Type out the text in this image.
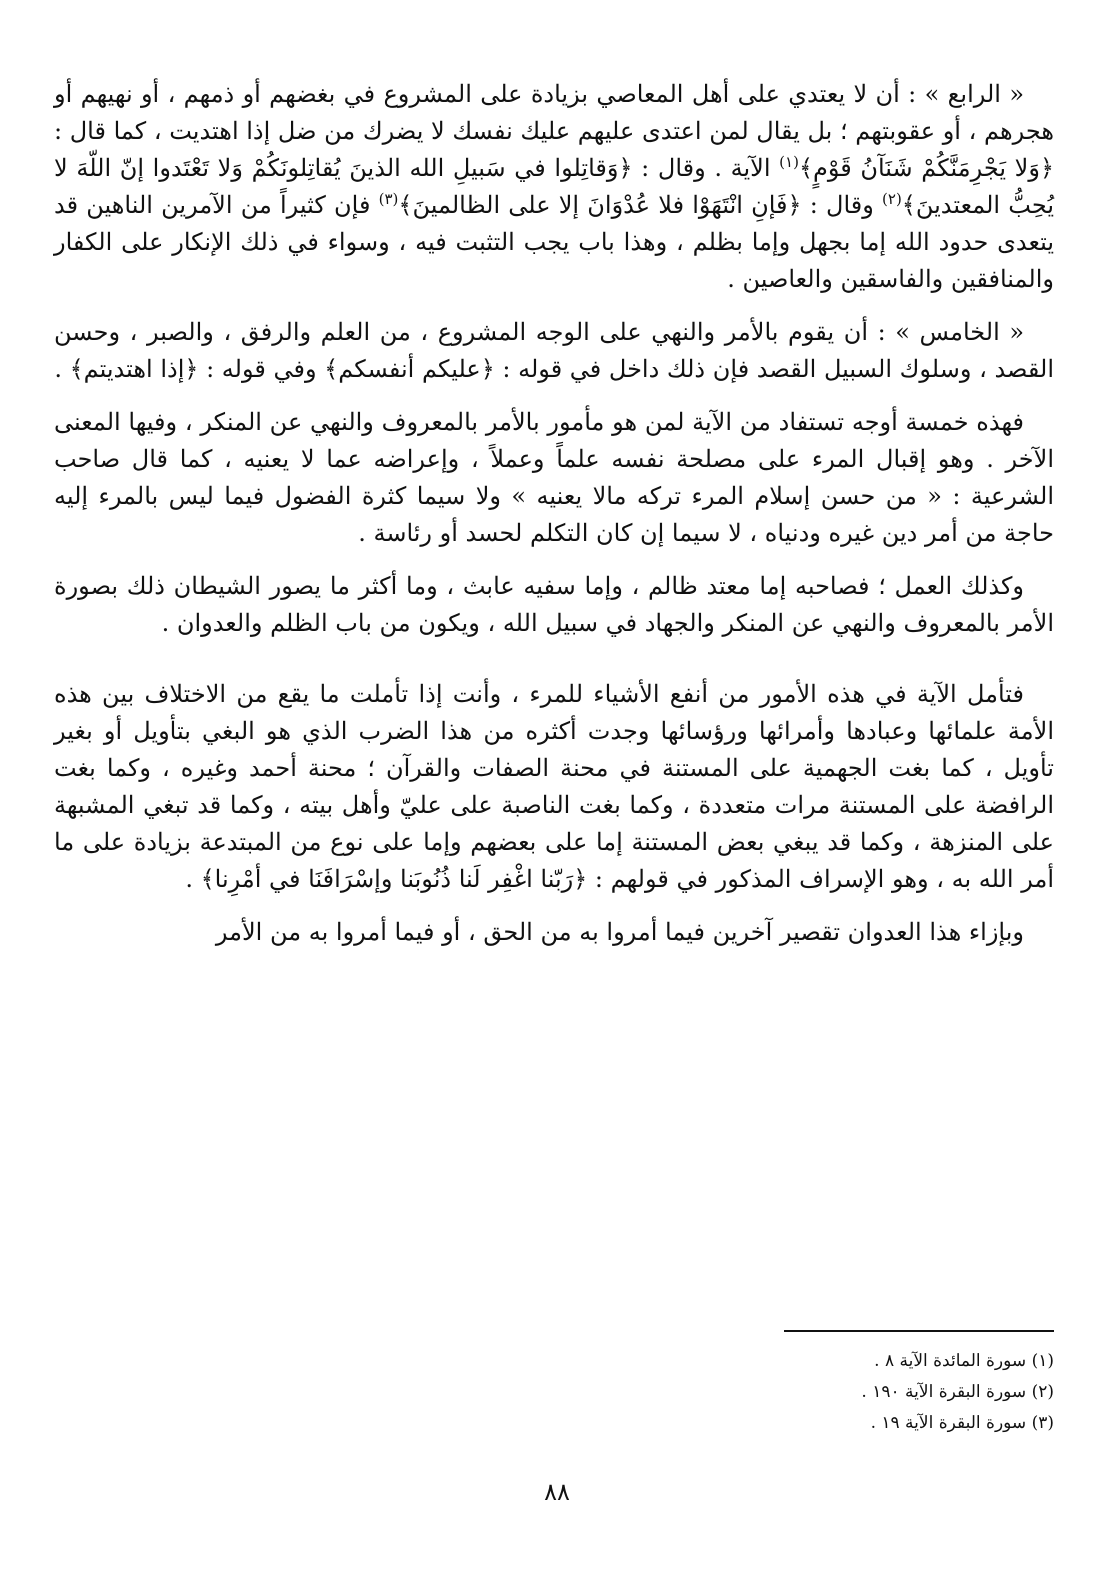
« الرابع » : أن لا يعتدي على أهل المعاصي بزيادة على المشروع في بغضهم أو ذمهم ، أو نهيهم أو هجرهم ، أو عقوبتهم ؛ بل يقال لمن اعتدى عليهم عليك نفسك لا يضرك من ضل إذا اهتديت ، كما قال : ﴿وَلا يَجْرِمَنَّكُمْ شَنَآنُ قَوْمٍ﴾$^{(١)}$ الآية . وقال : ﴿وَقاتِلوا في سَبيلِ الله الذينَ يُقاتِلونَكُمْ وَلا تَعْتَدوا إنّ اللّهَ لا يُحِبُّ المعتدينَ﴾$^{(٢)}$ وقال : ﴿فَإنِ انْتَهَوْا فلا عُدْوَانَ إلا على الظالمينَ﴾$^{(٣)}$ فإن كثيراً من الآمرين الناهين قد يتعدى حدود الله إما بجهل وإما بظلم ، وهذا باب يجب التثبت فيه ، وسواء في ذلك الإنكار على الكفار والمنافقين والفاسقين والعاصين .

« الخامس » : أن يقوم بالأمر والنهي على الوجه المشروع ، من العلم والرفق ، والصبر ، وحسن القصد ، وسلوك السبيل القصد فإن ذلك داخل في قوله : ﴿عليكم أنفسكم﴾ وفي قوله : ﴿إذا اهتديتم﴾ .

فهذه خمسة أوجه تستفاد من الآية لمن هو مأمور بالأمر بالمعروف والنهي عن المنكر ، وفيها المعنى الآخر . وهو إقبال المرء على مصلحة نفسه علماً وعملاً ، وإعراضه عما لا يعنيه ، كما قال صاحب الشرعية : « من حسن إسلام المرء تركه مالا يعنيه » ولا سيما كثرة الفضول فيما ليس بالمرء إليه حاجة من أمر دين غيره ودنياه ، لا سيما إن كان التكلم لحسد أو رئاسة .

وكذلك العمل ؛ فصاحبه إما معتد ظالم ، وإما سفيه عابث ، وما أكثر ما يصور الشيطان ذلك بصورة الأمر بالمعروف والنهي عن المنكر والجهاد في سبيل الله ، ويكون من باب الظلم والعدوان .

فتأمل الآية في هذه الأمور من أنفع الأشياء للمرء ، وأنت إذا تأملت ما يقع من الاختلاف بين هذه الأمة علمائها وعبادها وأمرائها ورؤسائها وجدت أكثره من هذا الضرب الذي هو البغي بتأويل أو بغير تأويل ، كما بغت الجهمية على المستنة في محنة الصفات والقرآن ؛ محنة أحمد وغيره ، وكما بغت الرافضة على المستنة مرات متعددة ، وكما بغت الناصبة على عليّ وأهل بيته ، وكما قد تبغي المشبهة على المنزهة ، وكما قد يبغي بعض المستنة إما على بعضهم وإما على نوع من المبتدعة بزيادة على ما أمر الله به ، وهو الإسراف المذكور في قولهم : ﴿رَبّنا اغْفِر لَنا ذُنُوبَنا وإسْرَافَنَا في أمْرِنا﴾ .

وبإزاء هذا العدوان تقصير آخرين فيما أمروا به من الحق ، أو فيما أمروا به من الأمر

(١) سورة المائدة الآية ٨ .
(٢) سورة البقرة الآية ١٩٠ .
(٣) سورة البقرة الآية ١٩ .
٨٨
